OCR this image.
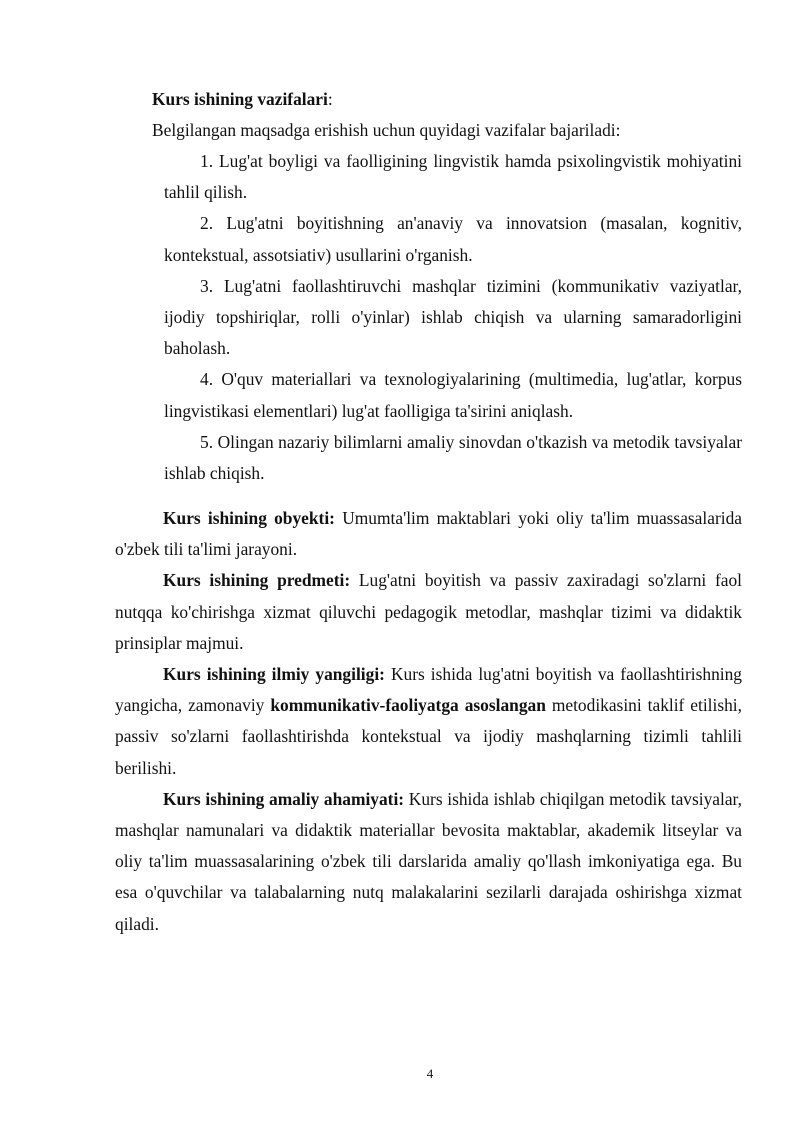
Kurs ishining vazifalari:
Belgilangan maqsadga erishish uchun quyidagi vazifalar bajariladi:
1. Lug'at boyligi va faolligining lingvistik hamda psixolingvistik mohiyatini tahlil qilish.
2. Lug'atni boyitishning an'anaviy va innovatsion (masalan, kognitiv, kontekstual, assotsiativ) usullarini o'rganish.
3. Lug'atni faollashtiruvchi mashqlar tizimini (kommunikativ vaziyatlar, ijodiy topshiriqlar, rolli o'yinlar) ishlab chiqish va ularning samaradorligini baholash.
4. O'quv materiallari va texnologiyalarining (multimedia, lug'atlar, korpus lingvistikasi elementlari) lug'at faolligiga ta'sirini aniqlash.
5. Olingan nazariy bilimlarni amaliy sinovdan o'tkazish va metodik tavsiyalar ishlab chiqish.

Kurs ishining obyekti: Umumta'lim maktablari yoki oliy ta'lim muassasalarida o'zbek tili ta'limi jarayoni.

Kurs ishining predmeti: Lug'atni boyitish va passiv zaxiradagi so'zlarni faol nutqqa ko'chirishga xizmat qiluvchi pedagogik metodlar, mashqlar tizimi va didaktik prinsiplar majmui.

Kurs ishining ilmiy yangiligi: Kurs ishida lug'atni boyitish va faollashtirishning yangicha, zamonaviy kommunikativ-faoliyatga asoslangan metodikasini taklif etilishi, passiv so'zlarni faollashtirishda kontekstual va ijodiy mashqlarning tizimli tahlili berilishi.

Kurs ishining amaliy ahamiyati: Kurs ishida ishlab chiqilgan metodik tavsiyalar, mashqlar namunalari va didaktik materiallar bevosita maktablar, akademik litseylar va oliy ta'lim muassasalarining o'zbek tili darslarida amaliy qo'llash imkoniyatiga ega. Bu esa o'quvchilar va talabalarning nutq malakalarini sezilarli darajada oshirishga xizmat qiladi.

4
